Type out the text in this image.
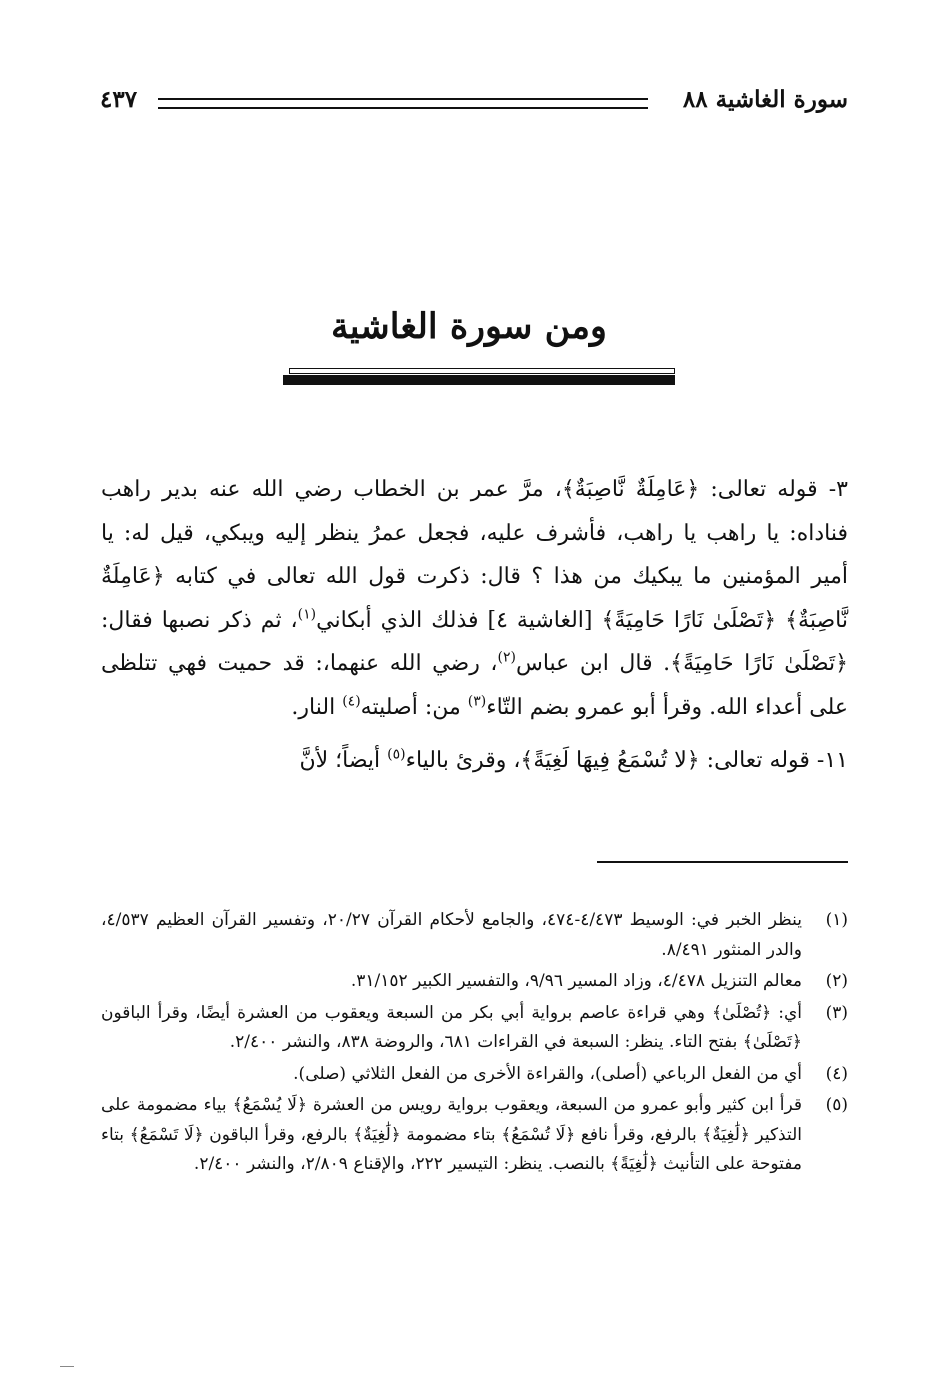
سورة الغاشية ٨٨
٤٣٧
ومن سورة الغاشية

٣- قوله تعالى: ﴿عَامِلَةٌ نَّاصِبَةٌ﴾، مرَّ عمر بن الخطاب رضي الله عنه بدير راهب فناداه: يا راهب يا راهب، فأشرف عليه، فجعل عمرُ ينظر إليه ويبكي، قيل له: يا أمير المؤمنين ما يبكيك من هذا ؟ قال: ذكرت قول الله تعالى في كتابه ﴿عَامِلَةٌ نَّاصِبَةٌ﴾ ﴿تَصْلَىٰ نَارًا حَامِيَةً﴾ [الغاشية ٤] فذلك الذي أبكاني$^{(١)}$، ثم ذكر نصبها فقال: ﴿تَصْلَىٰ نَارًا حَامِيَةً﴾. قال ابن عباس$^{(٢)}$، رضي الله عنهما،: قد حميت فهي تتلظى على أعداء الله. وقرأ أبو عمرو بضم التّاء$^{(٣)}$ من: أصليته$^{(٤)}$ النار.

١١- قوله تعالى: ﴿لا تُسْمَعُ فِيهَا لَغِيَةً﴾، وقرئ بالياء$^{(٥)}$ أيضاً؛ لأنَّ

(١)
ينظر الخبر في: الوسيط ٤/٤٧٣-٤٧٤، والجامع لأحكام القرآن ٢٠/٢٧، وتفسير القرآن العظيم ٤/٥٣٧، والدر المنثور ٨/٤٩١.
(٢)
معالم التنزيل ٤/٤٧٨، وزاد المسير ٩/٩٦، والتفسير الكبير ٣١/١٥٢.
(٣)
أي: ﴿تُصْلَىٰ﴾ وهي قراءة عاصم برواية أبي بكر من السبعة ويعقوب من العشرة أيضًا، وقرأ الباقون ﴿تَصْلَىٰ﴾ بفتح التاء. ينظر: السبعة في القراءات ٦٨١، والروضة ٨٣٨، والنشر ٢/٤٠٠.
(٤)
أي من الفعل الرباعي (أصلى)، والقراءة الأخرى من الفعل الثلاثي (صلى).
(٥)
قرأ ابن كثير وأبو عمرو من السبعة، ويعقوب برواية رويس من العشرة ﴿لَا يُسْمَعُ﴾ بياء مضمومة على التذكير ﴿لَٰغِيَةٌ﴾ بالرفع، وقرأ نافع ﴿لَا تُسْمَعُ﴾ بتاء مضمومة ﴿لَٰغِيَةٌ﴾ بالرفع، وقرأ الباقون ﴿لَا تَسْمَعُ﴾ بتاء مفتوحة على التأنيث ﴿لَٰغِيَةً﴾ بالنصب. ينظر: التيسير ٢٢٢، والإقناع ٢/٨٠٩، والنشر ٢/٤٠٠.
